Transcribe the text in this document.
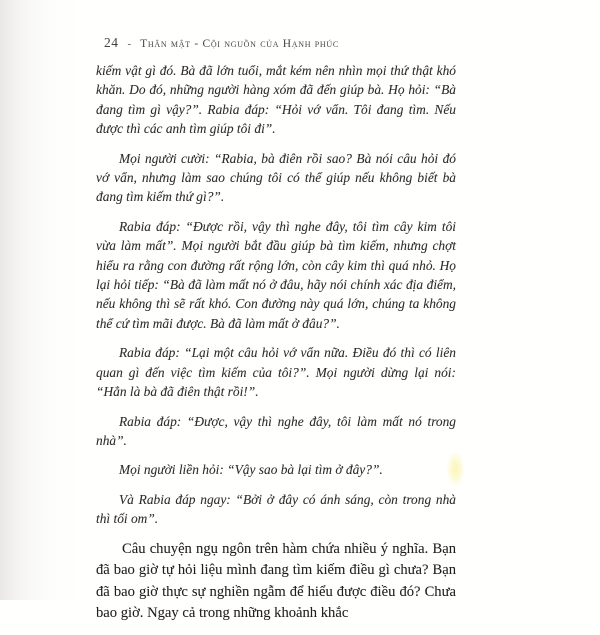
24 - Thân mật - Cội nguồn của Hạnh phúc

kiếm vật gì đó. Bà đã lớn tuổi, mắt kém nên nhìn mọi thứ thật khó khăn. Do đó, những người hàng xóm đã đến giúp bà. Họ hỏi: “Bà đang tìm gì vậy?”. Rabia đáp: “Hỏi vớ vẩn. Tôi đang tìm. Nếu được thì các anh tìm giúp tôi đi”.

Mọi người cười: “Rabia, bà điên rồi sao? Bà nói câu hỏi đó vớ vẩn, nhưng làm sao chúng tôi có thể giúp nếu không biết bà đang tìm kiếm thứ gì?”.

Rabia đáp: “Được rồi, vậy thì nghe đây, tôi tìm cây kim tôi vừa làm mất”. Mọi người bắt đầu giúp bà tìm kiếm, nhưng chợt hiểu ra rằng con đường rất rộng lớn, còn cây kim thì quá nhỏ. Họ lại hỏi tiếp: “Bà đã làm mất nó ở đâu, hãy nói chính xác địa điểm, nếu không thì sẽ rất khó. Con đường này quá lớn, chúng ta không thể cứ tìm mãi được. Bà đã làm mất ở đâu?”.

Rabia đáp: “Lại một câu hỏi vớ vẩn nữa. Điều đó thì có liên quan gì đến việc tìm kiếm của tôi?”. Mọi người dừng lại nói: “Hẳn là bà đã điên thật rồi!”.

Rabia đáp: “Được, vậy thì nghe đây, tôi làm mất nó trong nhà”.

Mọi người liền hỏi: “Vậy sao bà lại tìm ở đây?”.

Và Rabia đáp ngay: “Bởi ở đây có ánh sáng, còn trong nhà thì tối om”.

Câu chuyện ngụ ngôn trên hàm chứa nhiều ý nghĩa. Bạn đã bao giờ tự hỏi liệu mình đang tìm kiếm điều gì chưa? Bạn đã bao giờ thực sự nghiền ngẫm để hiểu được điều đó? Chưa bao giờ. Ngay cả trong những khoảnh khắc
